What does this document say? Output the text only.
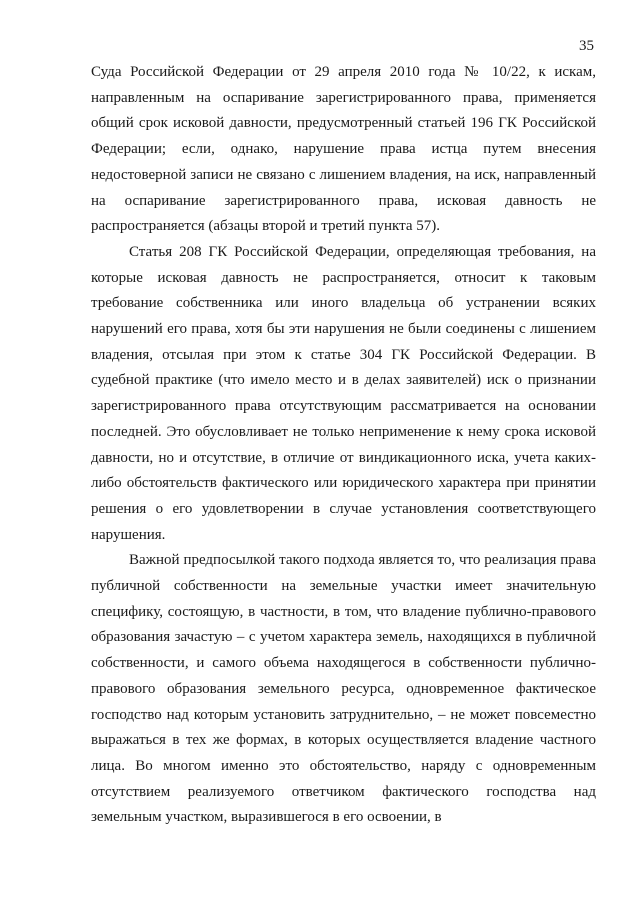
35

Суда Российской Федерации от 29 апреля 2010 года № 10/22, к искам, направленным на оспаривание зарегистрированного права, применяется общий срок исковой давности, предусмотренный статьей 196 ГК Российской Федерации; если, однако, нарушение права истца путем внесения недостоверной записи не связано с лишением владения, на иск, направленный на оспаривание зарегистрированного права, исковая давность не распространяется (абзацы второй и третий пункта 57).

Статья 208 ГК Российской Федерации, определяющая требования, на которые исковая давность не распространяется, относит к таковым требование собственника или иного владельца об устранении всяких нарушений его права, хотя бы эти нарушения не были соединены с лишением владения, отсылая при этом к статье 304 ГК Российской Федерации. В судебной практике (что имело место и в делах заявителей) иск о признании зарегистрированного права отсутствующим рассматривается на основании последней. Это обусловливает не только неприменение к нему срока исковой давности, но и отсутствие, в отличие от виндикационного иска, учета каких-либо обстоятельств фактического или юридического характера при принятии решения о его удовлетворении в случае установления соответствующего нарушения.

Важной предпосылкой такого подхода является то, что реализация права публичной собственности на земельные участки имеет значительную специфику, состоящую, в частности, в том, что владение публично-правового образования зачастую – с учетом характера земель, находящихся в публичной собственности, и самого объема находящегося в собственности публично-правового образования земельного ресурса, одновременное фактическое господство над которым установить затруднительно, – не может повсеместно выражаться в тех же формах, в которых осуществляется владение частного лица. Во многом именно это обстоятельство, наряду с одновременным отсутствием реализуемого ответчиком фактического господства над земельным участком, выразившегося в его освоении, в
